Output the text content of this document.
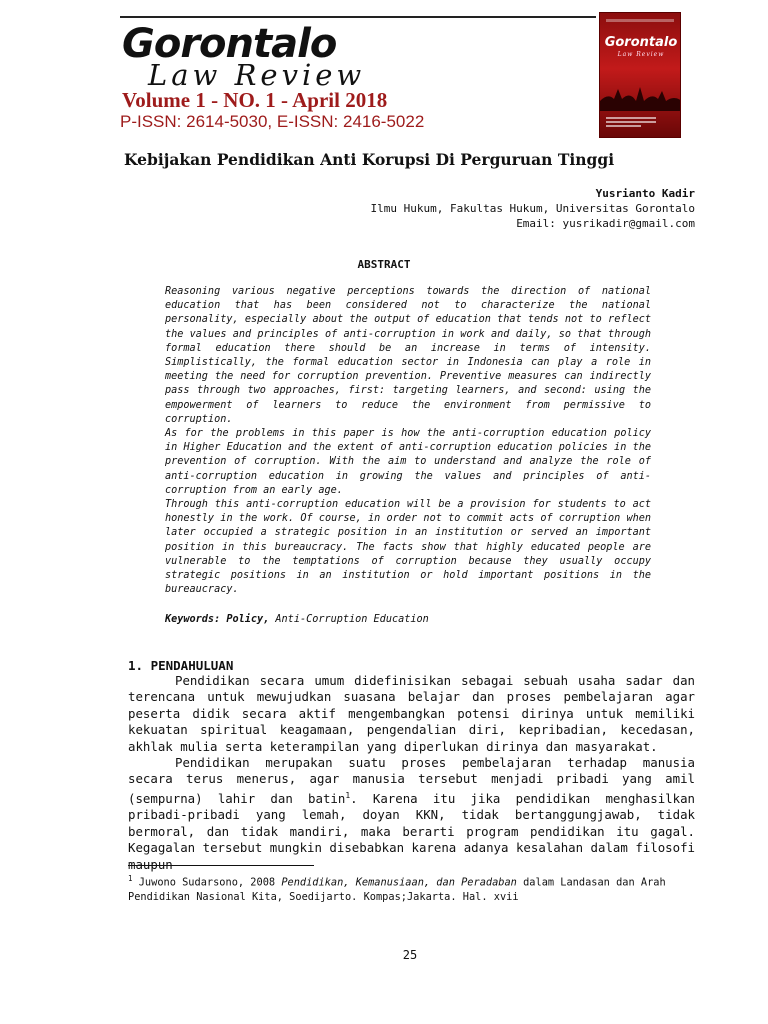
Gorontalo
Law Review
Volume 1 - NO. 1 - April 2018
P-ISSN: 2614-5030, E-ISSN: 2416-5022
Gorontalo
Law Review
Kebijakan Pendidikan Anti Korupsi Di Perguruan Tinggi
Yusrianto Kadir
Ilmu Hukum, Fakultas Hukum, Universitas Gorontalo
Email: yusrikadir@gmail.com
ABSTRACT

Reasoning various negative perceptions towards the direction of national education that has been considered not to characterize the national personality, especially about the output of education that tends not to reflect the values and principles of anti-corruption in work and daily, so that through formal education there should be an increase in terms of intensity. Simplistically, the formal education sector in Indonesia can play a role in meeting the need for corruption prevention. Preventive measures can indirectly pass through two approaches, first: targeting learners, and second: using the empowerment of learners to reduce the environment from permissive to corruption.

As for the problems in this paper is how the anti-corruption education policy in Higher Education and the extent of anti-corruption education policies in the prevention of corruption. With the aim to understand and analyze the role of anti-corruption education in growing the values and principles of anti-corruption from an early age.

Through this anti-corruption education will be a provision for students to act honestly in the work. Of course, in order not to commit acts of corruption when later occupied a strategic position in an institution or served an important position in this bureaucracy. The facts show that highly educated people are vulnerable to the temptations of corruption because they usually occupy strategic positions in an institution or hold important positions in the bureaucracy.

Keywords: Policy, Anti-Corruption Education
1. PENDAHULUAN

Pendidikan secara umum didefinisikan sebagai sebuah usaha sadar dan terencana untuk mewujudkan suasana belajar dan proses pembelajaran agar peserta didik secara aktif mengembangkan potensi dirinya untuk memiliki kekuatan spiritual keagamaan, pengendalian diri, kepribadian, kecedasan, akhlak mulia serta keterampilan yang diperlukan dirinya dan masyarakat.

Pendidikan merupakan suatu proses pembelajaran terhadap manusia secara terus menerus, agar manusia tersebut menjadi pribadi yang amil (sempurna) lahir dan batin$^1$. Karena itu jika pendidikan menghasilkan pribadi-pribadi yang lemah, doyan KKN, tidak bertanggungjawab, tidak bermoral, dan tidak mandiri, maka berarti program pendidikan itu gagal. Kegagalan tersebut mungkin disebabkan karena adanya kesalahan dalam filosofi

$^1$ Juwono Sudarsono, 2008 Pendidikan, Kemanusiaan, dan Peradaban dalam Landasan dan Arah Pendidikan Nasional Kita, Soedijarto. Kompas;Jakarta. Hal. xvii
25
